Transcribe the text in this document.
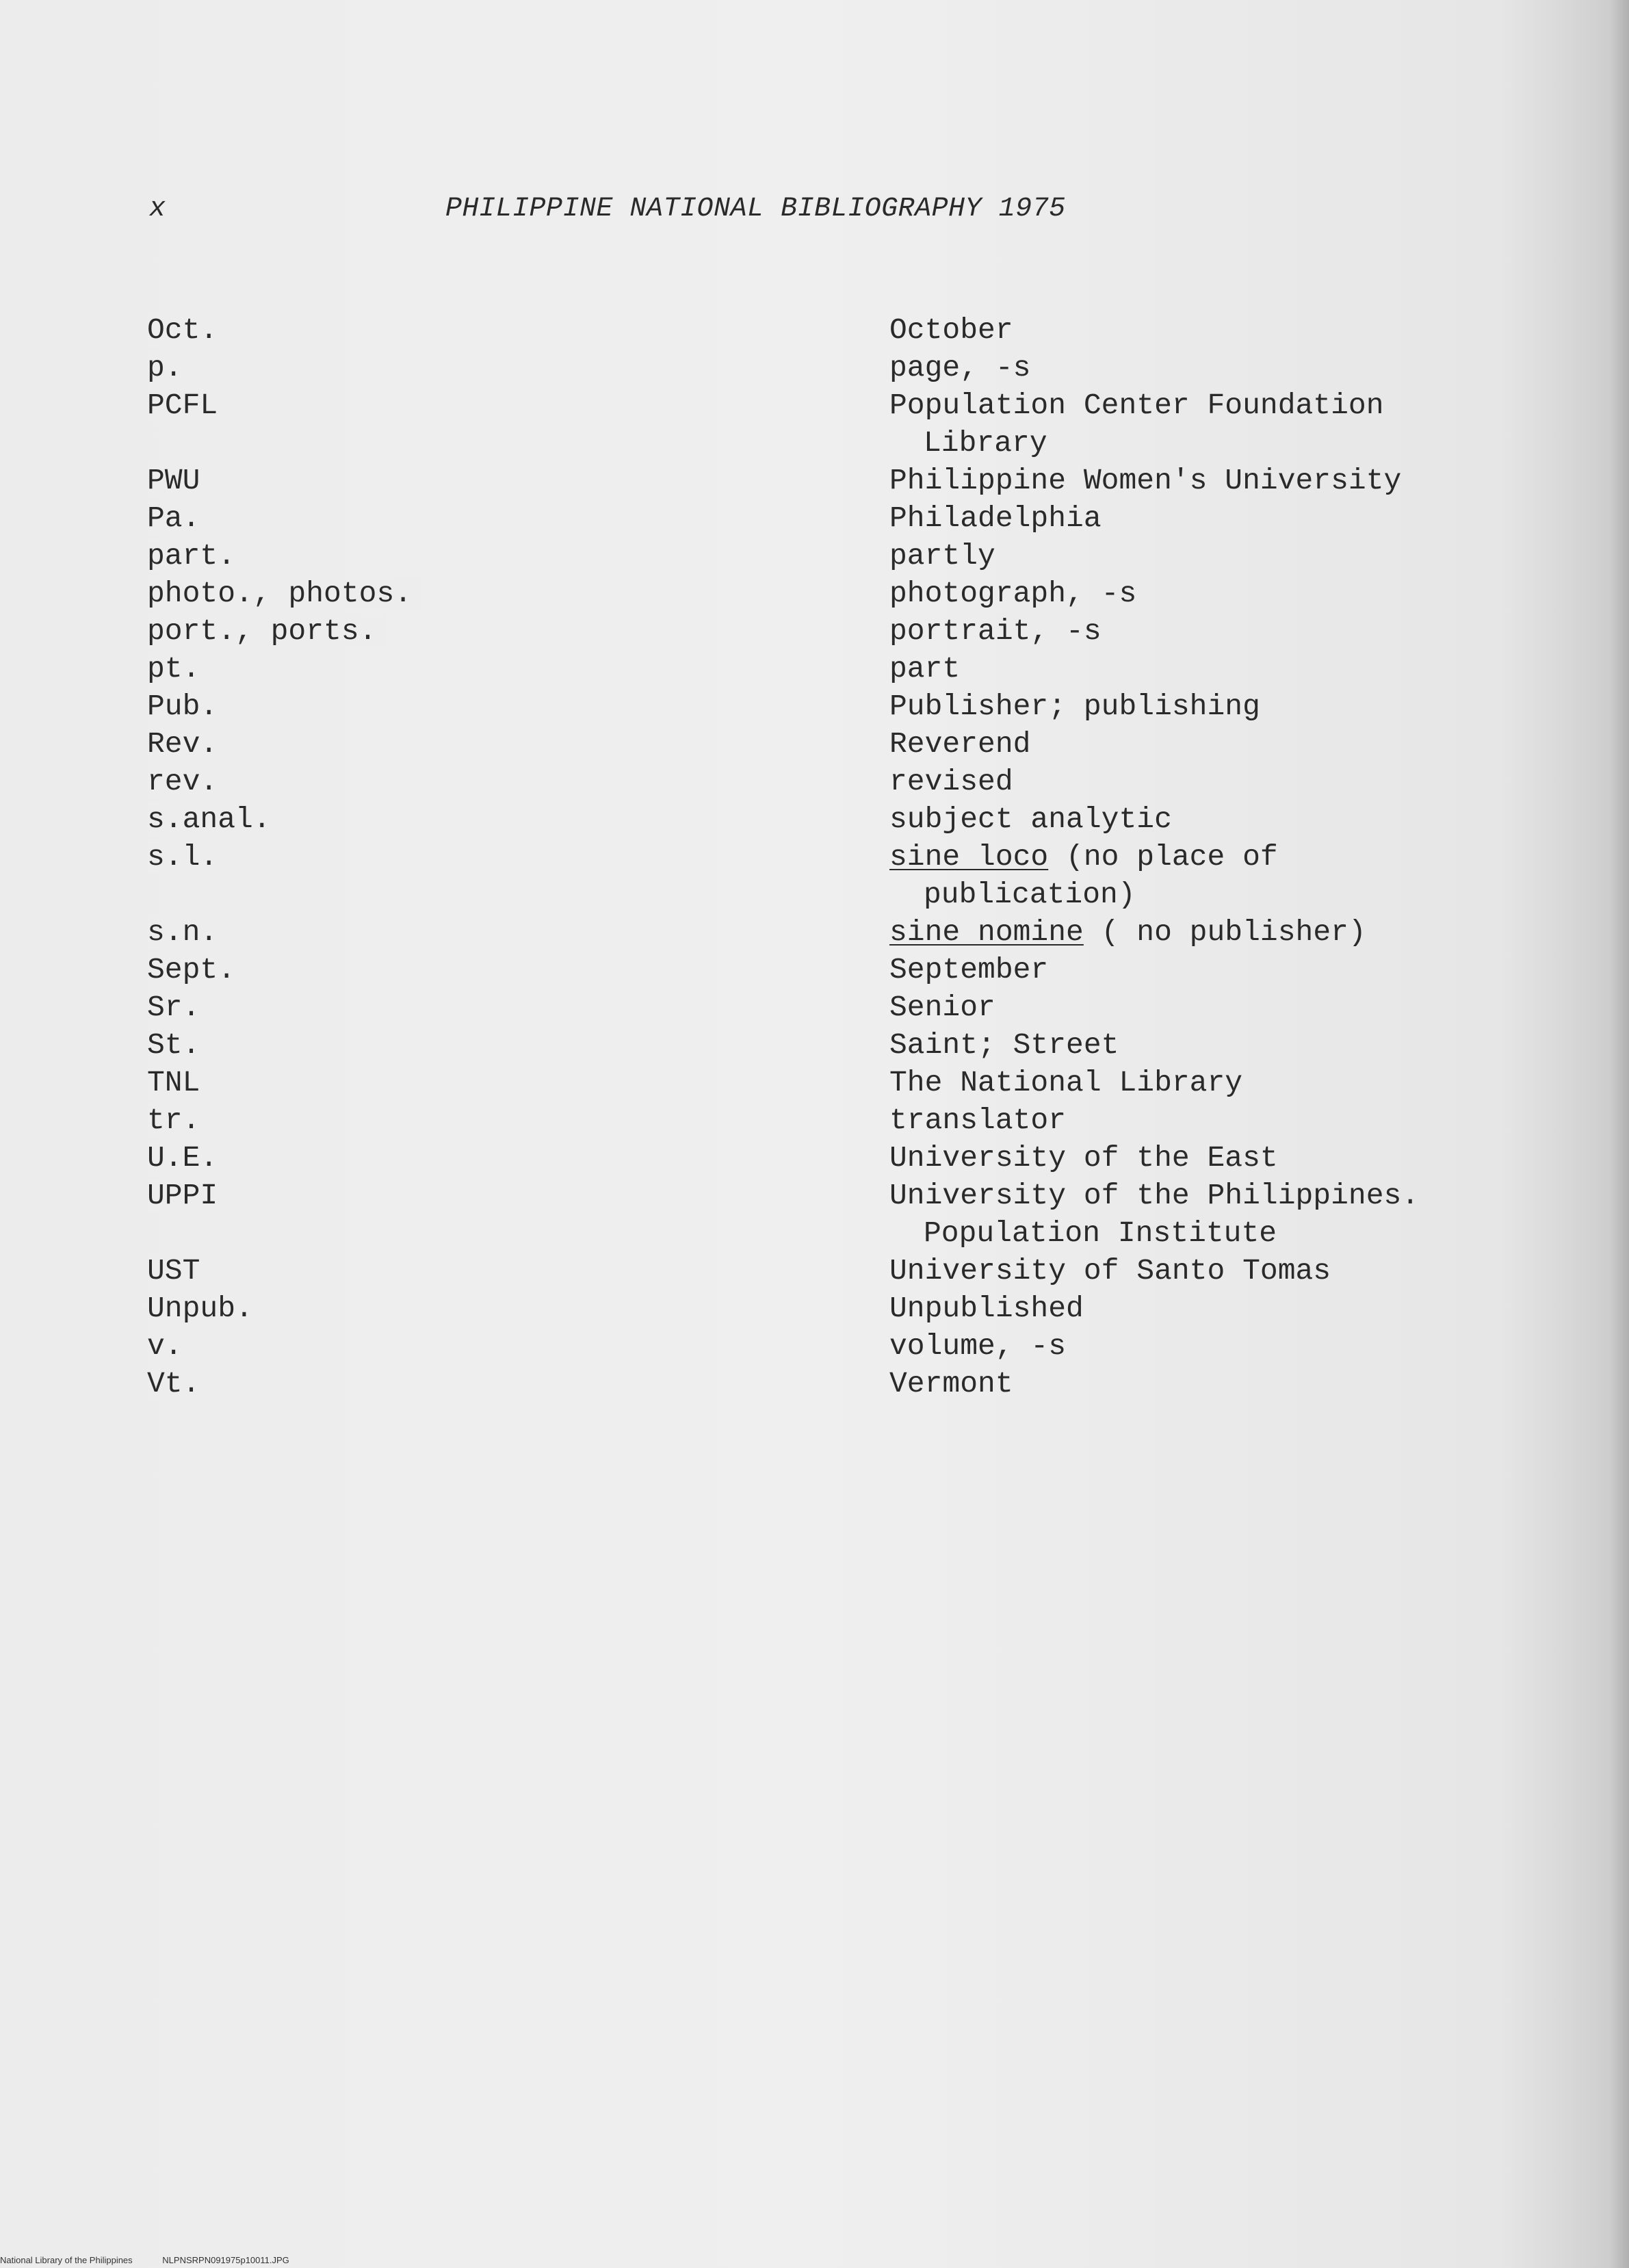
x	PHILIPPINE NATIONAL BIBLIOGRAPHY 1975
Oct.	October
p.	page, -s
PCFL	Population Center Foundation
Library
PWU	Philippine Women's University
Pa.	Philadelphia
part.	partly
photo., photos.	photograph, -s
port., ports.	portrait, -s
pt.	part
Pub.	Publisher; publishing
Rev.	Reverend
rev.	revised
s.anal.	subject analytic
s.l.	sine loco (no place of
publication)
s.n.	sine nomine ( no publisher)
Sept.	September
Sr.	Senior
St.	Saint; Street
TNL	The National Library
tr.	translator
U.E.	University of the East
UPPI	University of the Philippines.
Population Institute
UST	University of Santo Tomas
Unpub.	Unpublished
v.	volume, -s
Vt.	Vermont
National Library of the Philippines	NLPNSRPN091975p10011.JPG
